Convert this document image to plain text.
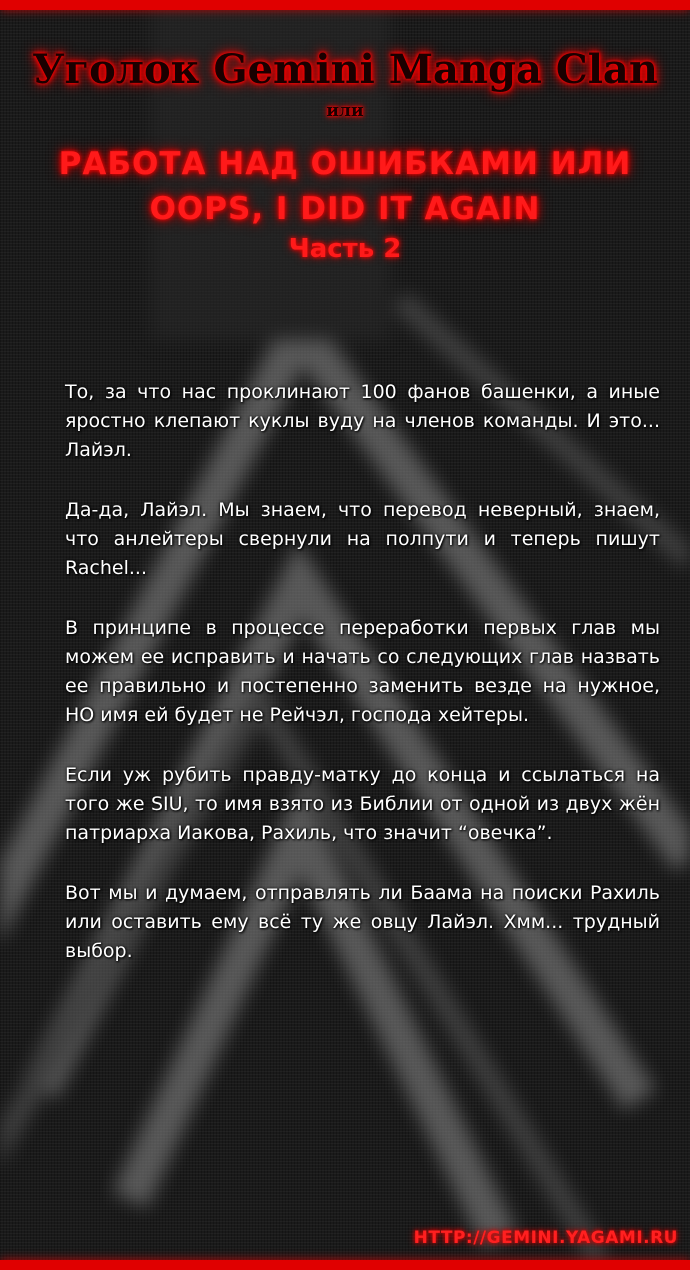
Уголок Gemini Manga Clan
или
РАБОТА НАД ОШИБКАМИ ИЛИ
OOPS, I DID IT AGAIN
Часть 2

То, за что нас проклинают 100 фанов башенки, а иные яростно клепают куклы вуду на членов команды. И это... Лайэл.

Да-да, Лайэл. Мы знаем, что перевод неверный, знаем, что анлейтеры свернули на полпути и теперь пишут Rachel...

В принципе в процессе переработки первых глав мы можем ее исправить и начать со следующих глав назвать ее правильно и постепенно заменить везде на нужное, НО имя ей будет не Рейчэл, господа хейтеры.

Если уж рубить правду-матку до конца и ссылаться на того же SIU, то имя взято из Библии от одной из двух жён патриарха Иакова, Рахиль, что значит “овечка”.

Вот мы и думаем, отправлять ли Баама на поиски Рахиль или оставить ему всё ту же овцу Лайэл. Хмм... трудный выбор.

HTTP://GEMINI.YAGAMI.RU
